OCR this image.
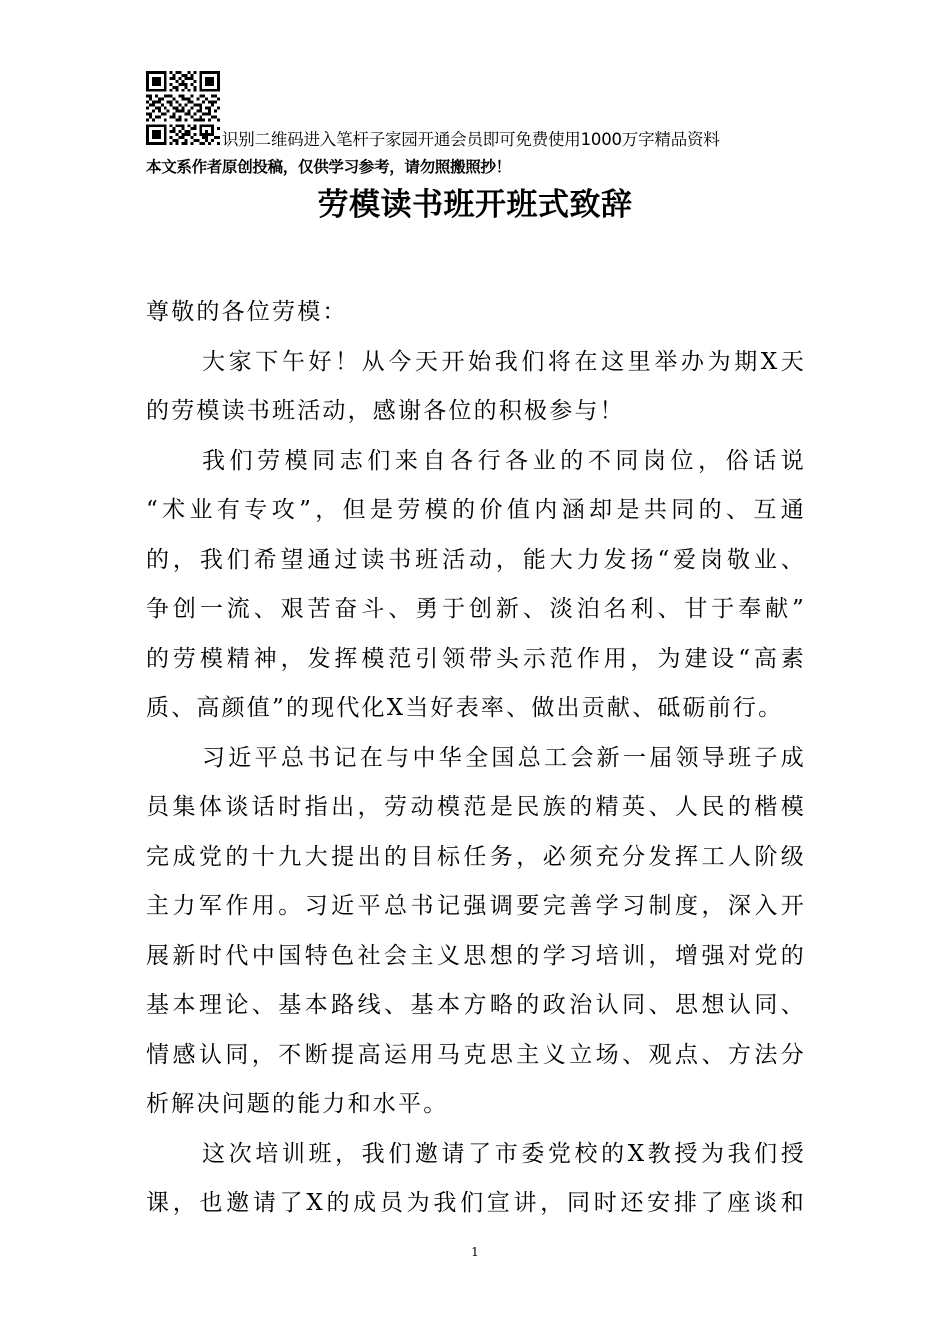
识别二维码进入笔杆子家园开通会员即可免费使用1000万字精品资料
本文系作者原创投稿，仅供学习参考，请勿照搬照抄！
劳模读书班开班式致辞
尊敬的各位劳模：
大家下午好！从今天开始我们将在这里举办为期X天
的劳模读书班活动，感谢各位的积极参与！
我们劳模同志们来自各行各业的不同岗位，俗话说
“术业有专攻”，但是劳模的价值内涵却是共同的、互通
的，我们希望通过读书班活动，能大力发扬“爱岗敬业、
争创一流、艰苦奋斗、勇于创新、淡泊名利、甘于奉献”
的劳模精神，发挥模范引领带头示范作用，为建设“高素
质、高颜值”的现代化X当好表率、做出贡献、砥砺前行。
习近平总书记在与中华全国总工会新一届领导班子成
员集体谈话时指出，劳动模范是民族的精英、人民的楷模
完成党的十九大提出的目标任务，必须充分发挥工人阶级
主力军作用。习近平总书记强调要完善学习制度，深入开
展新时代中国特色社会主义思想的学习培训，增强对党的
基本理论、基本路线、基本方略的政治认同、思想认同、
情感认同，不断提高运用马克思主义立场、观点、方法分
析解决问题的能力和水平。
这次培训班，我们邀请了市委党校的X教授为我们授
课，也邀请了X的成员为我们宣讲，同时还安排了座谈和
1
